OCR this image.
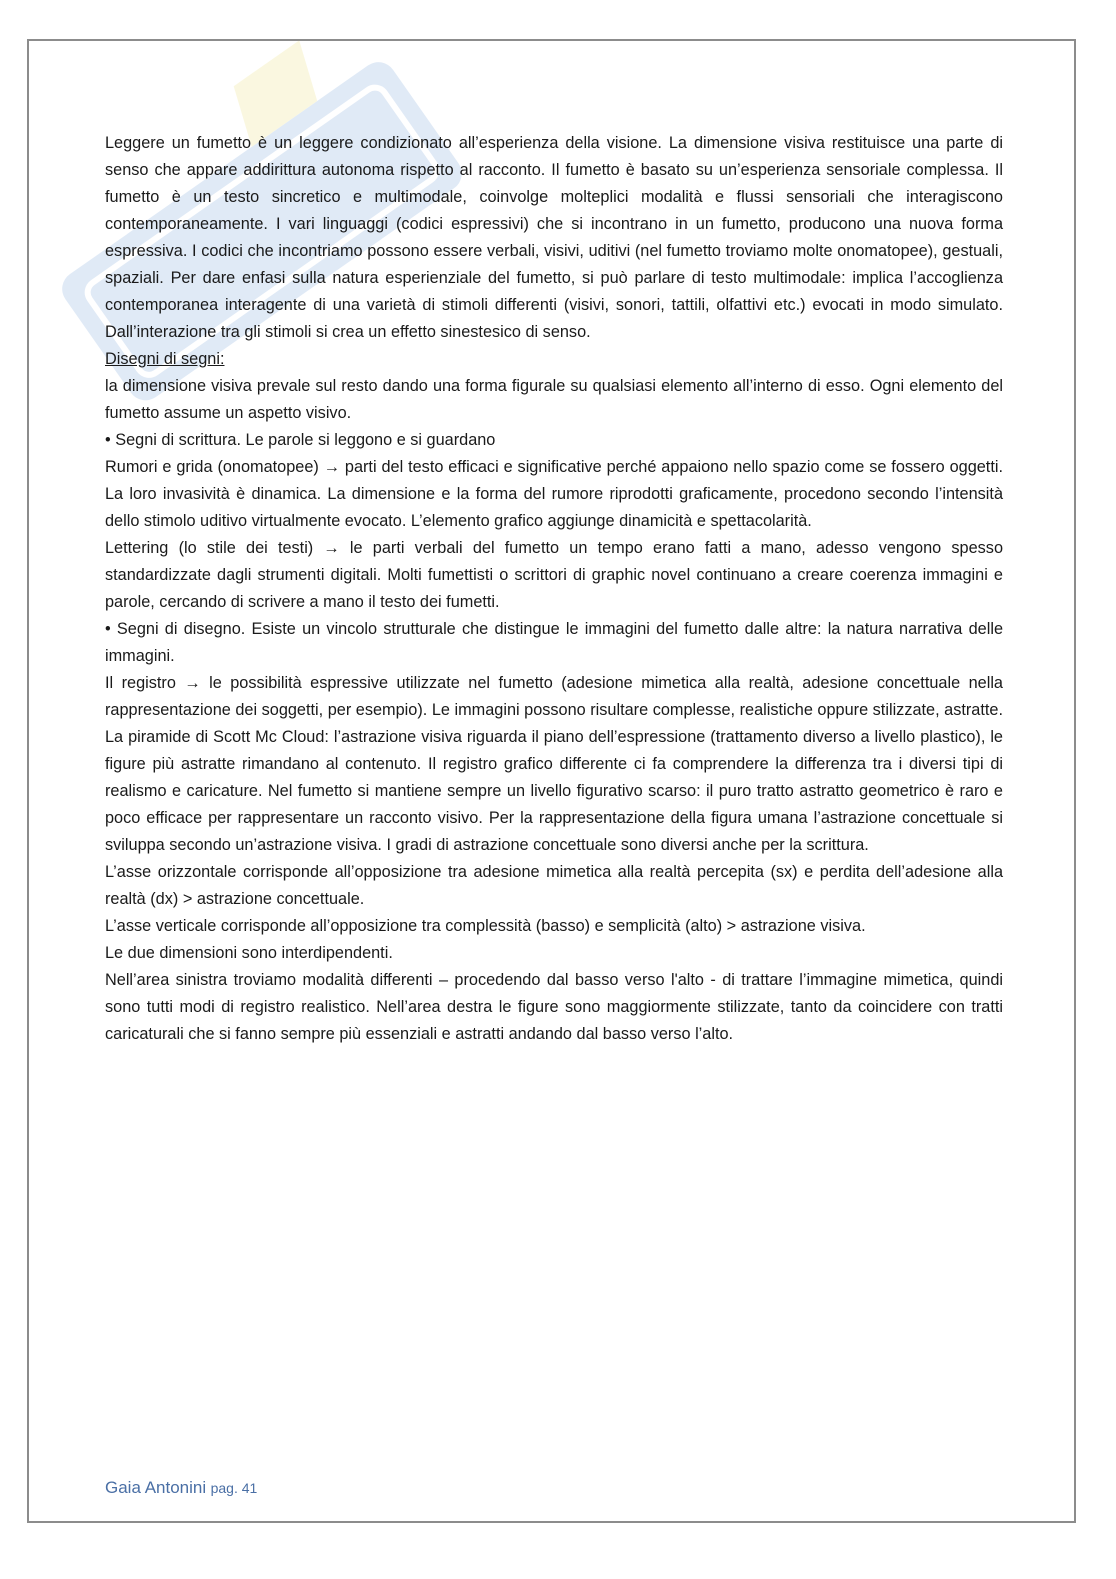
Leggere un fumetto è un leggere condizionato all’esperienza della visione. La dimensione visiva restituisce una parte di senso che appare addirittura autonoma rispetto al racconto. Il fumetto è basato su un’esperienza sensoriale complessa. Il fumetto è un testo sincretico e multimodale, coinvolge molteplici modalità e flussi sensoriali che interagiscono contemporaneamente. I vari linguaggi (codici espressivi) che si incontrano in un fumetto, producono una nuova forma espressiva. I codici che incontriamo possono essere verbali, visivi, uditivi (nel fumetto troviamo molte onomatopee), gestuali, spaziali. Per dare enfasi sulla natura esperienziale del fumetto, si può parlare di testo multimodale: implica l’accoglienza contemporanea interagente di una varietà di stimoli differenti (visivi, sonori, tattili, olfattivi etc.) evocati in modo simulato. Dall’interazione tra gli stimoli si crea un effetto sinestesico di senso.

Disegni di segni:

la dimensione visiva prevale sul resto dando una forma figurale su qualsiasi elemento all’interno di esso. Ogni elemento del fumetto assume un aspetto visivo.

• Segni di scrittura. Le parole si leggono e si guardano

Rumori e grida (onomatopee) → parti del testo efficaci e significative perché appaiono nello spazio come se fossero oggetti. La loro invasività è dinamica. La dimensione e la forma del rumore riprodotti graficamente, procedono secondo l’intensità dello stimolo uditivo virtualmente evocato. L’elemento grafico aggiunge dinamicità e spettacolarità.

Lettering (lo stile dei testi) → le parti verbali del fumetto un tempo erano fatti a mano, adesso vengono spesso standardizzate dagli strumenti digitali. Molti fumettisti o scrittori di graphic novel continuano a creare coerenza immagini e parole, cercando di scrivere a mano il testo dei fumetti.

• Segni di disegno. Esiste un vincolo strutturale che distingue le immagini del fumetto dalle altre: la natura narrativa delle immagini.

Il registro → le possibilità espressive utilizzate nel fumetto (adesione mimetica alla realtà, adesione concettuale nella rappresentazione dei soggetti, per esempio). Le immagini possono risultare complesse, realistiche oppure stilizzate, astratte. La piramide di Scott Mc Cloud: l’astrazione visiva riguarda il piano dell’espressione (trattamento diverso a livello plastico), le figure più astratte rimandano al contenuto. Il registro grafico differente ci fa comprendere la differenza tra i diversi tipi di realismo e caricature. Nel fumetto si mantiene sempre un livello figurativo scarso: il puro tratto astratto geometrico è raro e poco efficace per rappresentare un racconto visivo. Per la rappresentazione della figura umana l’astrazione concettuale si sviluppa secondo un’astrazione visiva. I gradi di astrazione concettuale sono diversi anche per la scrittura.

L’asse orizzontale corrisponde all’opposizione tra adesione mimetica alla realtà percepita (sx) e perdita dell’adesione alla realtà (dx) > astrazione concettuale.

L’asse verticale corrisponde all’opposizione tra complessità (basso) e semplicità (alto) > astrazione visiva.

Le due dimensioni sono interdipendenti.

Nell’area sinistra troviamo modalità differenti – procedendo dal basso verso l'alto - di trattare l’immagine mimetica, quindi sono tutti modi di registro realistico. Nell’area destra le figure sono maggiormente stilizzate, tanto da coincidere con tratti caricaturali che si fanno sempre più essenziali e astratti andando dal basso verso l’alto.

Gaia Antonini pag. 41
